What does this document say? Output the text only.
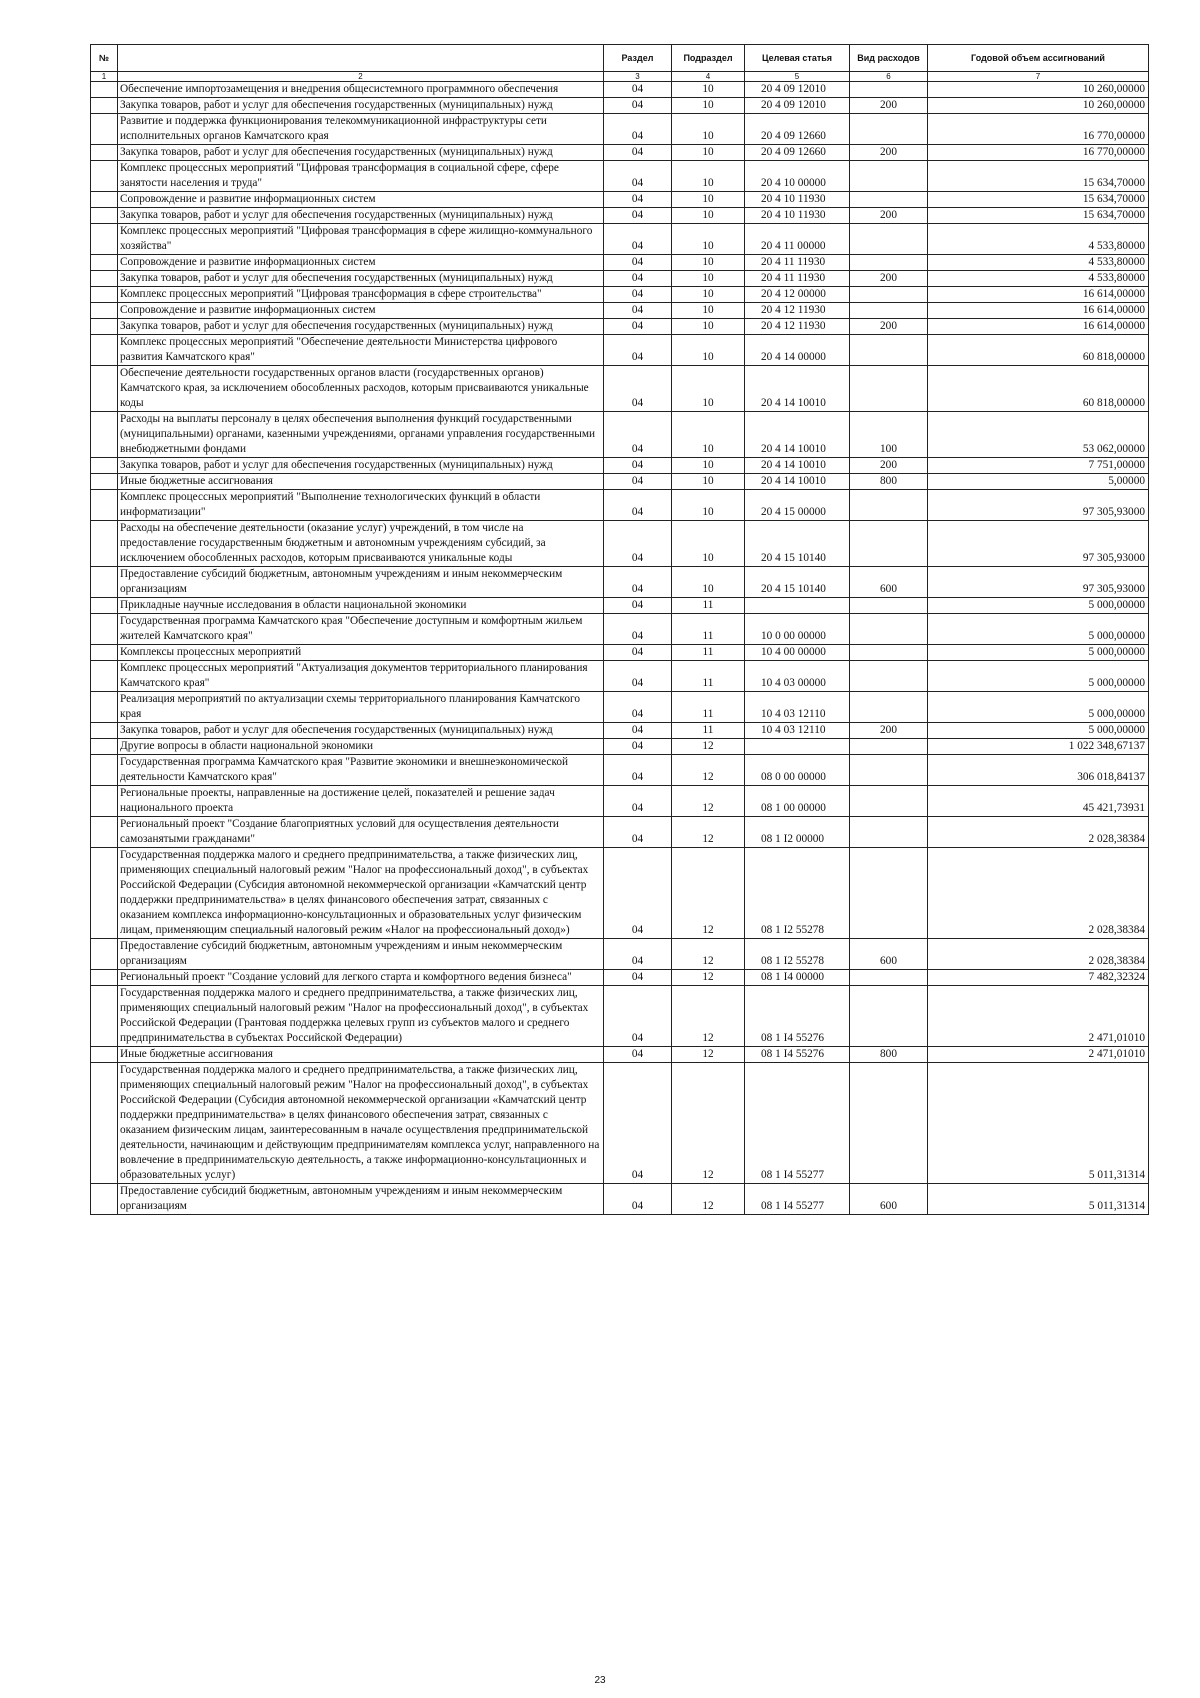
№		Раздел	Подраздел	Целевая статья	Вид расходов	Годовой объем ассигнований
1	2	3	4	5	6	7
	Обеспечение импортозамещения и внедрения общесистемного программного обеспечения	04	10	20 4 09 12010		10 260,00000
	Закупка товаров, работ и услуг для обеспечения государственных (муниципальных) нужд	04	10	20 4 09 12010	200	10 260,00000
	Развитие и поддержка функционирования телекоммуникационной инфраструктуры сети исполнительных органов Камчатского края	04	10	20 4 09 12660		16 770,00000
	Закупка товаров, работ и услуг для обеспечения государственных (муниципальных) нужд	04	10	20 4 09 12660	200	16 770,00000
	Комплекс процессных мероприятий "Цифровая трансформация в социальной сфере, сфере занятости населения и труда"	04	10	20 4 10 00000		15 634,70000
	Сопровождение и развитие информационных систем	04	10	20 4 10 11930		15 634,70000
	Закупка товаров, работ и услуг для обеспечения государственных (муниципальных) нужд	04	10	20 4 10 11930	200	15 634,70000
	Комплекс процессных мероприятий "Цифровая трансформация в сфере жилищно-коммунального хозяйства"	04	10	20 4 11 00000		4 533,80000
	Сопровождение и развитие информационных систем	04	10	20 4 11 11930		4 533,80000
	Закупка товаров, работ и услуг для обеспечения государственных (муниципальных) нужд	04	10	20 4 11 11930	200	4 533,80000
	Комплекс процессных мероприятий "Цифровая трансформация в сфере строительства"	04	10	20 4 12 00000		16 614,00000
	Сопровождение и развитие информационных систем	04	10	20 4 12 11930		16 614,00000
	Закупка товаров, работ и услуг для обеспечения государственных (муниципальных) нужд	04	10	20 4 12 11930	200	16 614,00000
	Комплекс процессных мероприятий "Обеспечение деятельности Министерства цифрового развития Камчатского края"	04	10	20 4 14 00000		60 818,00000
	Обеспечение деятельности государственных органов власти (государственных органов) Камчатского края, за исключением обособленных расходов, которым присваиваются уникальные коды	04	10	20 4 14 10010		60 818,00000
	Расходы на выплаты персоналу в целях обеспечения выполнения функций государственными (муниципальными) органами, казенными учреждениями, органами управления государственными внебюджетными фондами	04	10	20 4 14 10010	100	53 062,00000
	Закупка товаров, работ и услуг для обеспечения государственных (муниципальных) нужд	04	10	20 4 14 10010	200	7 751,00000
	Иные бюджетные ассигнования	04	10	20 4 14 10010	800	5,00000
	Комплекс процессных мероприятий "Выполнение технологических функций в области информатизации"	04	10	20 4 15 00000		97 305,93000
	Расходы на обеспечение деятельности (оказание услуг) учреждений, в том числе на предоставление государственным бюджетным и автономным учреждениям субсидий, за исключением обособленных расходов, которым присваиваются уникальные коды	04	10	20 4 15 10140		97 305,93000
	Предоставление субсидий бюджетным, автономным учреждениям и иным некоммерческим организациям	04	10	20 4 15 10140	600	97 305,93000
	Прикладные научные исследования в области национальной экономики	04	11			5 000,00000
	Государственная программа Камчатского края "Обеспечение доступным и комфортным жильем жителей Камчатского края"	04	11	10 0 00 00000		5 000,00000
	Комплексы процессных мероприятий	04	11	10 4 00 00000		5 000,00000
	Комплекс процессных мероприятий "Актуализация документов территориального планирования Камчатского края"	04	11	10 4 03 00000		5 000,00000
	Реализация мероприятий по актуализации схемы территориального планирования Камчатского края	04	11	10 4 03 12110		5 000,00000
	Закупка товаров, работ и услуг для обеспечения государственных (муниципальных) нужд	04	11	10 4 03 12110	200	5 000,00000
	Другие вопросы в области национальной экономики	04	12			1 022 348,67137
	Государственная программа Камчатского края "Развитие экономики и внешнеэкономической деятельности Камчатского края"	04	12	08 0 00 00000		306 018,84137
	Региональные проекты, направленные на достижение целей, показателей и решение задач национального проекта	04	12	08 1 00 00000		45 421,73931
	Региональный проект "Создание благоприятных условий для осуществления деятельности самозанятыми гражданами"	04	12	08 1 I2 00000		2 028,38384
	Государственная поддержка малого и среднего предпринимательства, а также физических лиц, применяющих специальный налоговый режим "Налог на профессиональный доход", в субъектах Российской Федерации (Субсидия автономной некоммерческой организации «Камчатский центр поддержки предпринимательства» в целях финансового обеспечения затрат, связанных с оказанием комплекса информационно-консультационных и образовательных услуг физическим лицам, применяющим специальный налоговый режим «Налог на профессиональный доход»)	04	12	08 1 I2 55278		2 028,38384
	Предоставление субсидий бюджетным, автономным учреждениям и иным некоммерческим организациям	04	12	08 1 I2 55278	600	2 028,38384
	Региональный проект "Создание условий для легкого старта и комфортного ведения бизнеса"	04	12	08 1 I4 00000		7 482,32324
	Государственная поддержка малого и среднего предпринимательства, а также физических лиц, применяющих специальный налоговый режим "Налог на профессиональный доход", в субъектах Российской Федерации (Грантовая поддержка целевых групп из субъектов малого и среднего предпринимательства в субъектах Российской Федерации)	04	12	08 1 I4 55276		2 471,01010
	Иные бюджетные ассигнования	04	12	08 1 I4 55276	800	2 471,01010
	Государственная поддержка малого и среднего предпринимательства, а также физических лиц, применяющих специальный налоговый режим "Налог на профессиональный доход", в субъектах Российской Федерации (Субсидия автономной некоммерческой организации «Камчатский центр поддержки предпринимательства» в целях финансового обеспечения затрат, связанных с оказанием физическим лицам, заинтересованным в начале осуществления предпринимательской деятельности, начинающим и действующим предпринимателям комплекса услуг, направленного на вовлечение в предпринимательскую деятельность, а также информационно-консультационных и образовательных услуг)	04	12	08 1 I4 55277		5 011,31314
	Предоставление субсидий бюджетным, автономным учреждениям и иным некоммерческим организациям	04	12	08 1 I4 55277	600	5 011,31314
23
